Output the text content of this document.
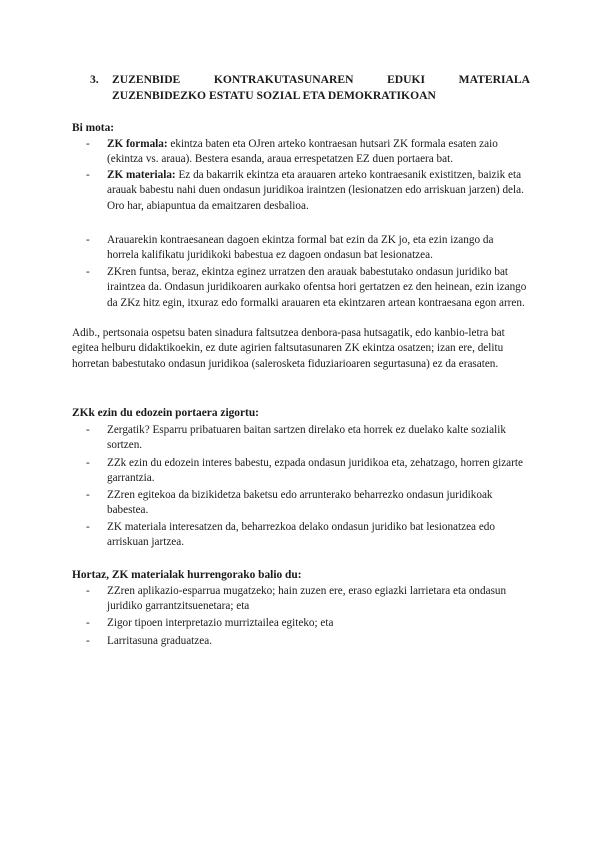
3. ZUZENBIDE	KONTRAKUTASUNAREN	EDUKI	MATERIALA
ZUZENBIDEZKO ESTATU SOZIAL ETA DEMOKRATIKOAN
Bi mota:
- ZK formala: ekintza baten eta OJren arteko kontraesan hutsari ZK formala esaten zaio (ekintza vs. araua). Bestera esanda, araua errespetatzen EZ duen portaera bat.
- ZK materiala: Ez da bakarrik ekintza eta arauaren arteko kontraesanik existitzen, baizik eta arauak babestu nahi duen ondasun juridikoa iraintzen (lesionatzen edo arriskuan jarzen) dela. Oro har, abiapuntua da emaitzaren desbalioa.
- Arauarekin kontraesanean dagoen ekintza formal bat ezin da ZK jo, eta ezin izango da horrela kalifikatu juridikoki babestua ez dagoen ondasun bat lesionatzea.
- ZKren funtsa, beraz, ekintza eginez urratzen den arauak babestutako ondasun juridiko bat iraintzea da. Ondasun juridikoaren aurkako ofentsa hori gertatzen ez den heinean, ezin izango da ZKz hitz egin, itxuraz edo formalki arauaren eta ekintzaren artean kontraesana egon arren.
Adib., pertsonaia ospetsu baten sinadura faltsutzea denbora-pasa hutsagatik, edo kanbio-letra bat egitea helburu didaktikoekin, ez dute agirien faltsutasunaren ZK ekintza osatzen; izan ere, delitu horretan babestutako ondasun juridikoa (salerosketa fiduziarioaren segurtasuna) ez da erasaten.
ZKk ezin du edozein portaera zigortu:
- Zergatik? Esparru pribatuaren baitan sartzen direlako eta horrek ez duelako kalte sozialik sortzen.
- ZZk ezin du edozein interes babestu, ezpada ondasun juridikoa eta, zehatzago, horren gizarte garrantzia.
- ZZren egitekoa da bizikidetza baketsu edo arrunterako beharrezko ondasun juridikoak babestea.
- ZK materiala interesatzen da, beharrezkoa delako ondasun juridiko bat lesionatzea edo arriskuan jartzea.
Hortaz, ZK materialak hurrengorako balio du:
- ZZren aplikazio-esparrua mugatzeko; hain zuzen ere, eraso egiazki larrietara eta ondasun juridiko garrantzitsuenetara; eta
- Zigor tipoen interpretazio murriztailea egiteko; eta
- Larritasuna graduatzea.
